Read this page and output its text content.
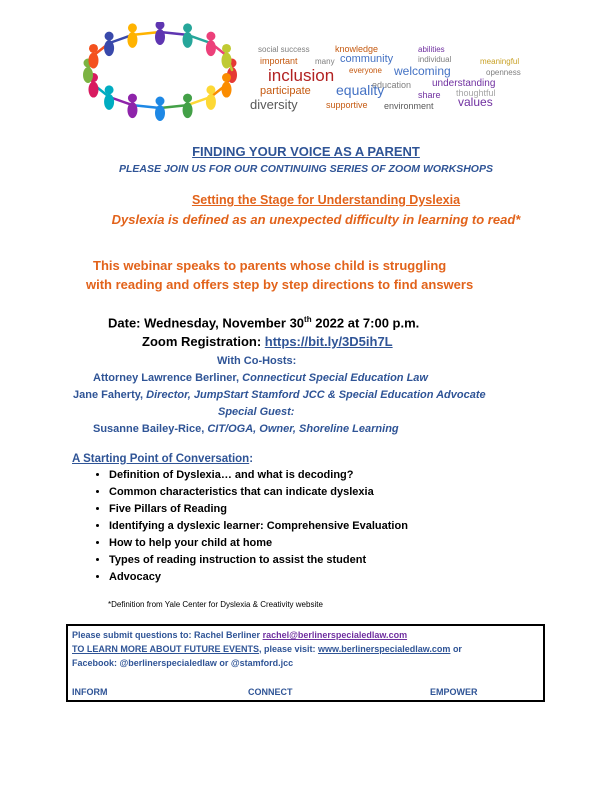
social success	knowledge	abilities
important many community	individual	meaningful
everyone welcoming	openness
inclusion	education understanding
participate equality	share thoughtful
diversity	supportive environment values
FINDING YOUR VOICE AS A PARENT
PLEASE JOIN US FOR OUR CONTINUING SERIES OF ZOOM WORKSHOPS
Setting the Stage for Understanding Dyslexia
Dyslexia is defined as an unexpected difficulty in learning to read*
This webinar speaks to parents whose child is struggling
with reading and offers step by step directions to find answers
Date: Wednesday, November 30th 2022 at 7:00 p.m.
Zoom Registration: https://bit.ly/3D5ih7L
With Co-Hosts:
Attorney Lawrence Berliner, Connecticut Special Education Law
Jane Faherty, Director, JumpStart Stamford JCC & Special Education Advocate
Special Guest:
Susanne Bailey-Rice, CIT/OGA, Owner, Shoreline Learning
A Starting Point of Conversation:
• Definition of Dyslexia… and what is decoding?
• Common characteristics that can indicate dyslexia
• Five Pillars of Reading
• Identifying a dyslexic learner: Comprehensive Evaluation
• How to help your child at home
• Types of reading instruction to assist the student
• Advocacy
*Definition from Yale Center for Dyslexia & Creativity website
Please submit questions to: Rachel Berliner rachel@berlinerspecialedlaw.com
TO LEARN MORE ABOUT FUTURE EVENTS, please visit: www.berlinerspecialedlaw.com or
Facebook: @berlinerspecialedlaw or @stamford.jcc
INFORM	CONNECT	EMPOWER
